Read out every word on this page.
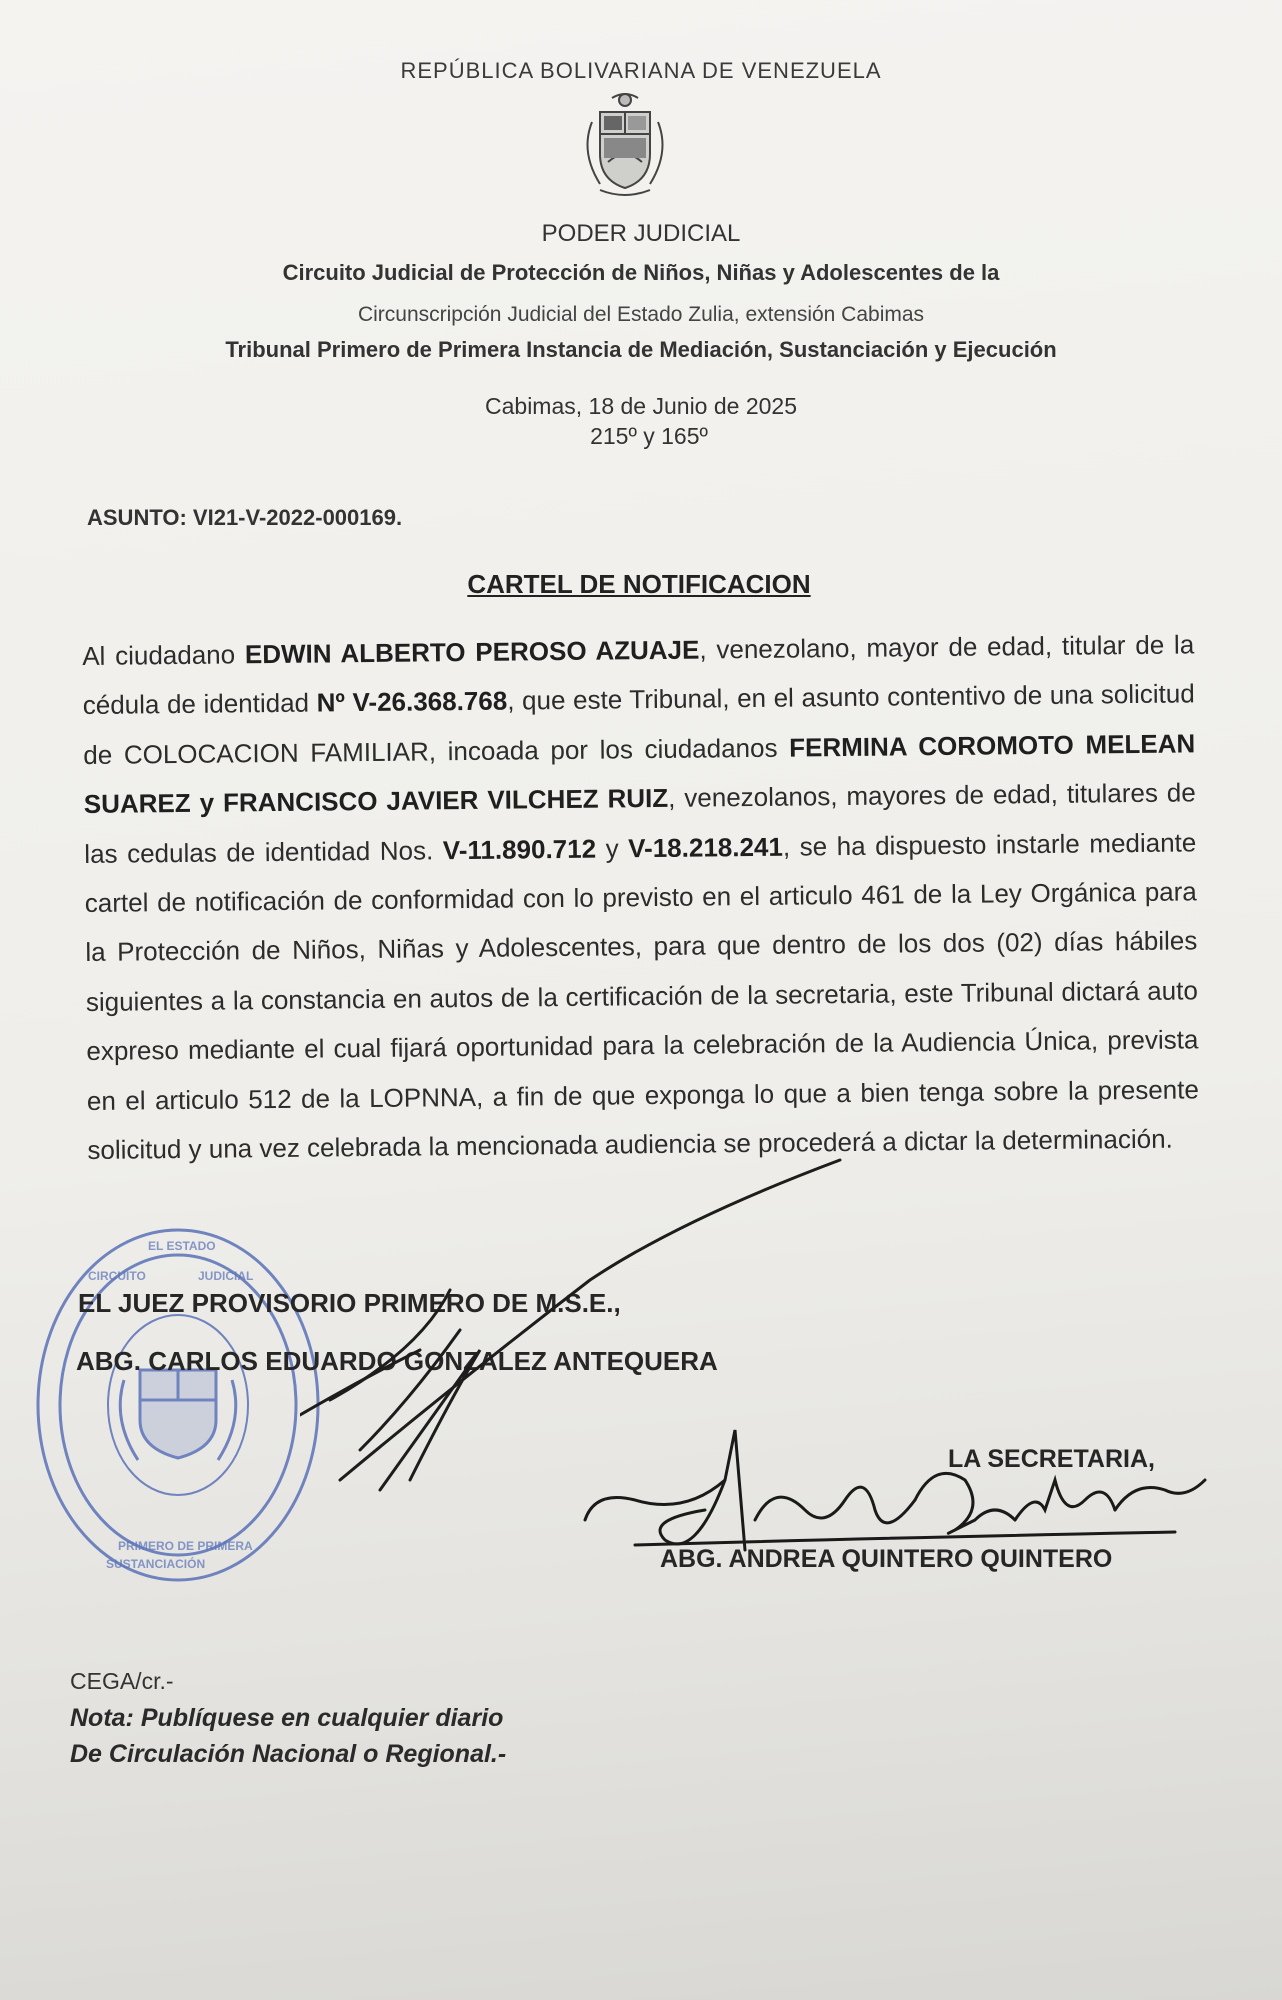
REPÚBLICA BOLIVARIANA DE VENEZUELA
PODER JUDICIAL
Circuito Judicial de Protección de Niños, Niñas y Adolescentes de la
Circunscripción Judicial del Estado Zulia, extensión Cabimas
Tribunal Primero de Primera Instancia de Mediación, Sustanciación y Ejecución
Cabimas, 18 de Junio de 2025
215º y 165º
ASUNTO: VI21-V-2022-000169.
CARTEL DE NOTIFICACION
Al ciudadano EDWIN ALBERTO PEROSO AZUAJE, venezolano, mayor de edad, titular de la cédula de identidad Nº V-26.368.768, que este Tribunal, en el asunto contentivo de una solicitud de COLOCACION FAMILIAR, incoada por los ciudadanos FERMINA COROMOTO MELEAN SUAREZ y FRANCISCO JAVIER VILCHEZ RUIZ, venezolanos, mayores de edad, titulares de las cedulas de identidad Nos. V-11.890.712 y V-18.218.241, se ha dispuesto instarle mediante cartel de notificación de conformidad con lo previsto en el articulo 461 de la Ley Orgánica para la Protección de Niños, Niñas y Adolescentes, para que dentro de los dos (02) días hábiles siguientes a la constancia en autos de la certificación de la secretaria, este Tribunal dictará auto expreso mediante el cual fijará oportunidad para la celebración de la Audiencia Única, prevista en el articulo 512 de la LOPNNA, a fin de que exponga lo que a bien tenga sobre la presente solicitud y una vez celebrada la mencionada audiencia se procederá a dictar la determinación.
EL ESTADO
CIRCUITO	JUDICIAL
PRIMERO DE PRIMERA
SUSTANCIACIÓN
EL JUEZ PROVISORIO PRIMERO DE M.S.E.,
ABG. CARLOS EDUARDO GONZALEZ ANTEQUERA
LA SECRETARIA,
ABG. ANDREA QUINTERO QUINTERO
CEGA/cr.-
Nota: Publíquese en cualquier diario
De Circulación Nacional o Regional.-
